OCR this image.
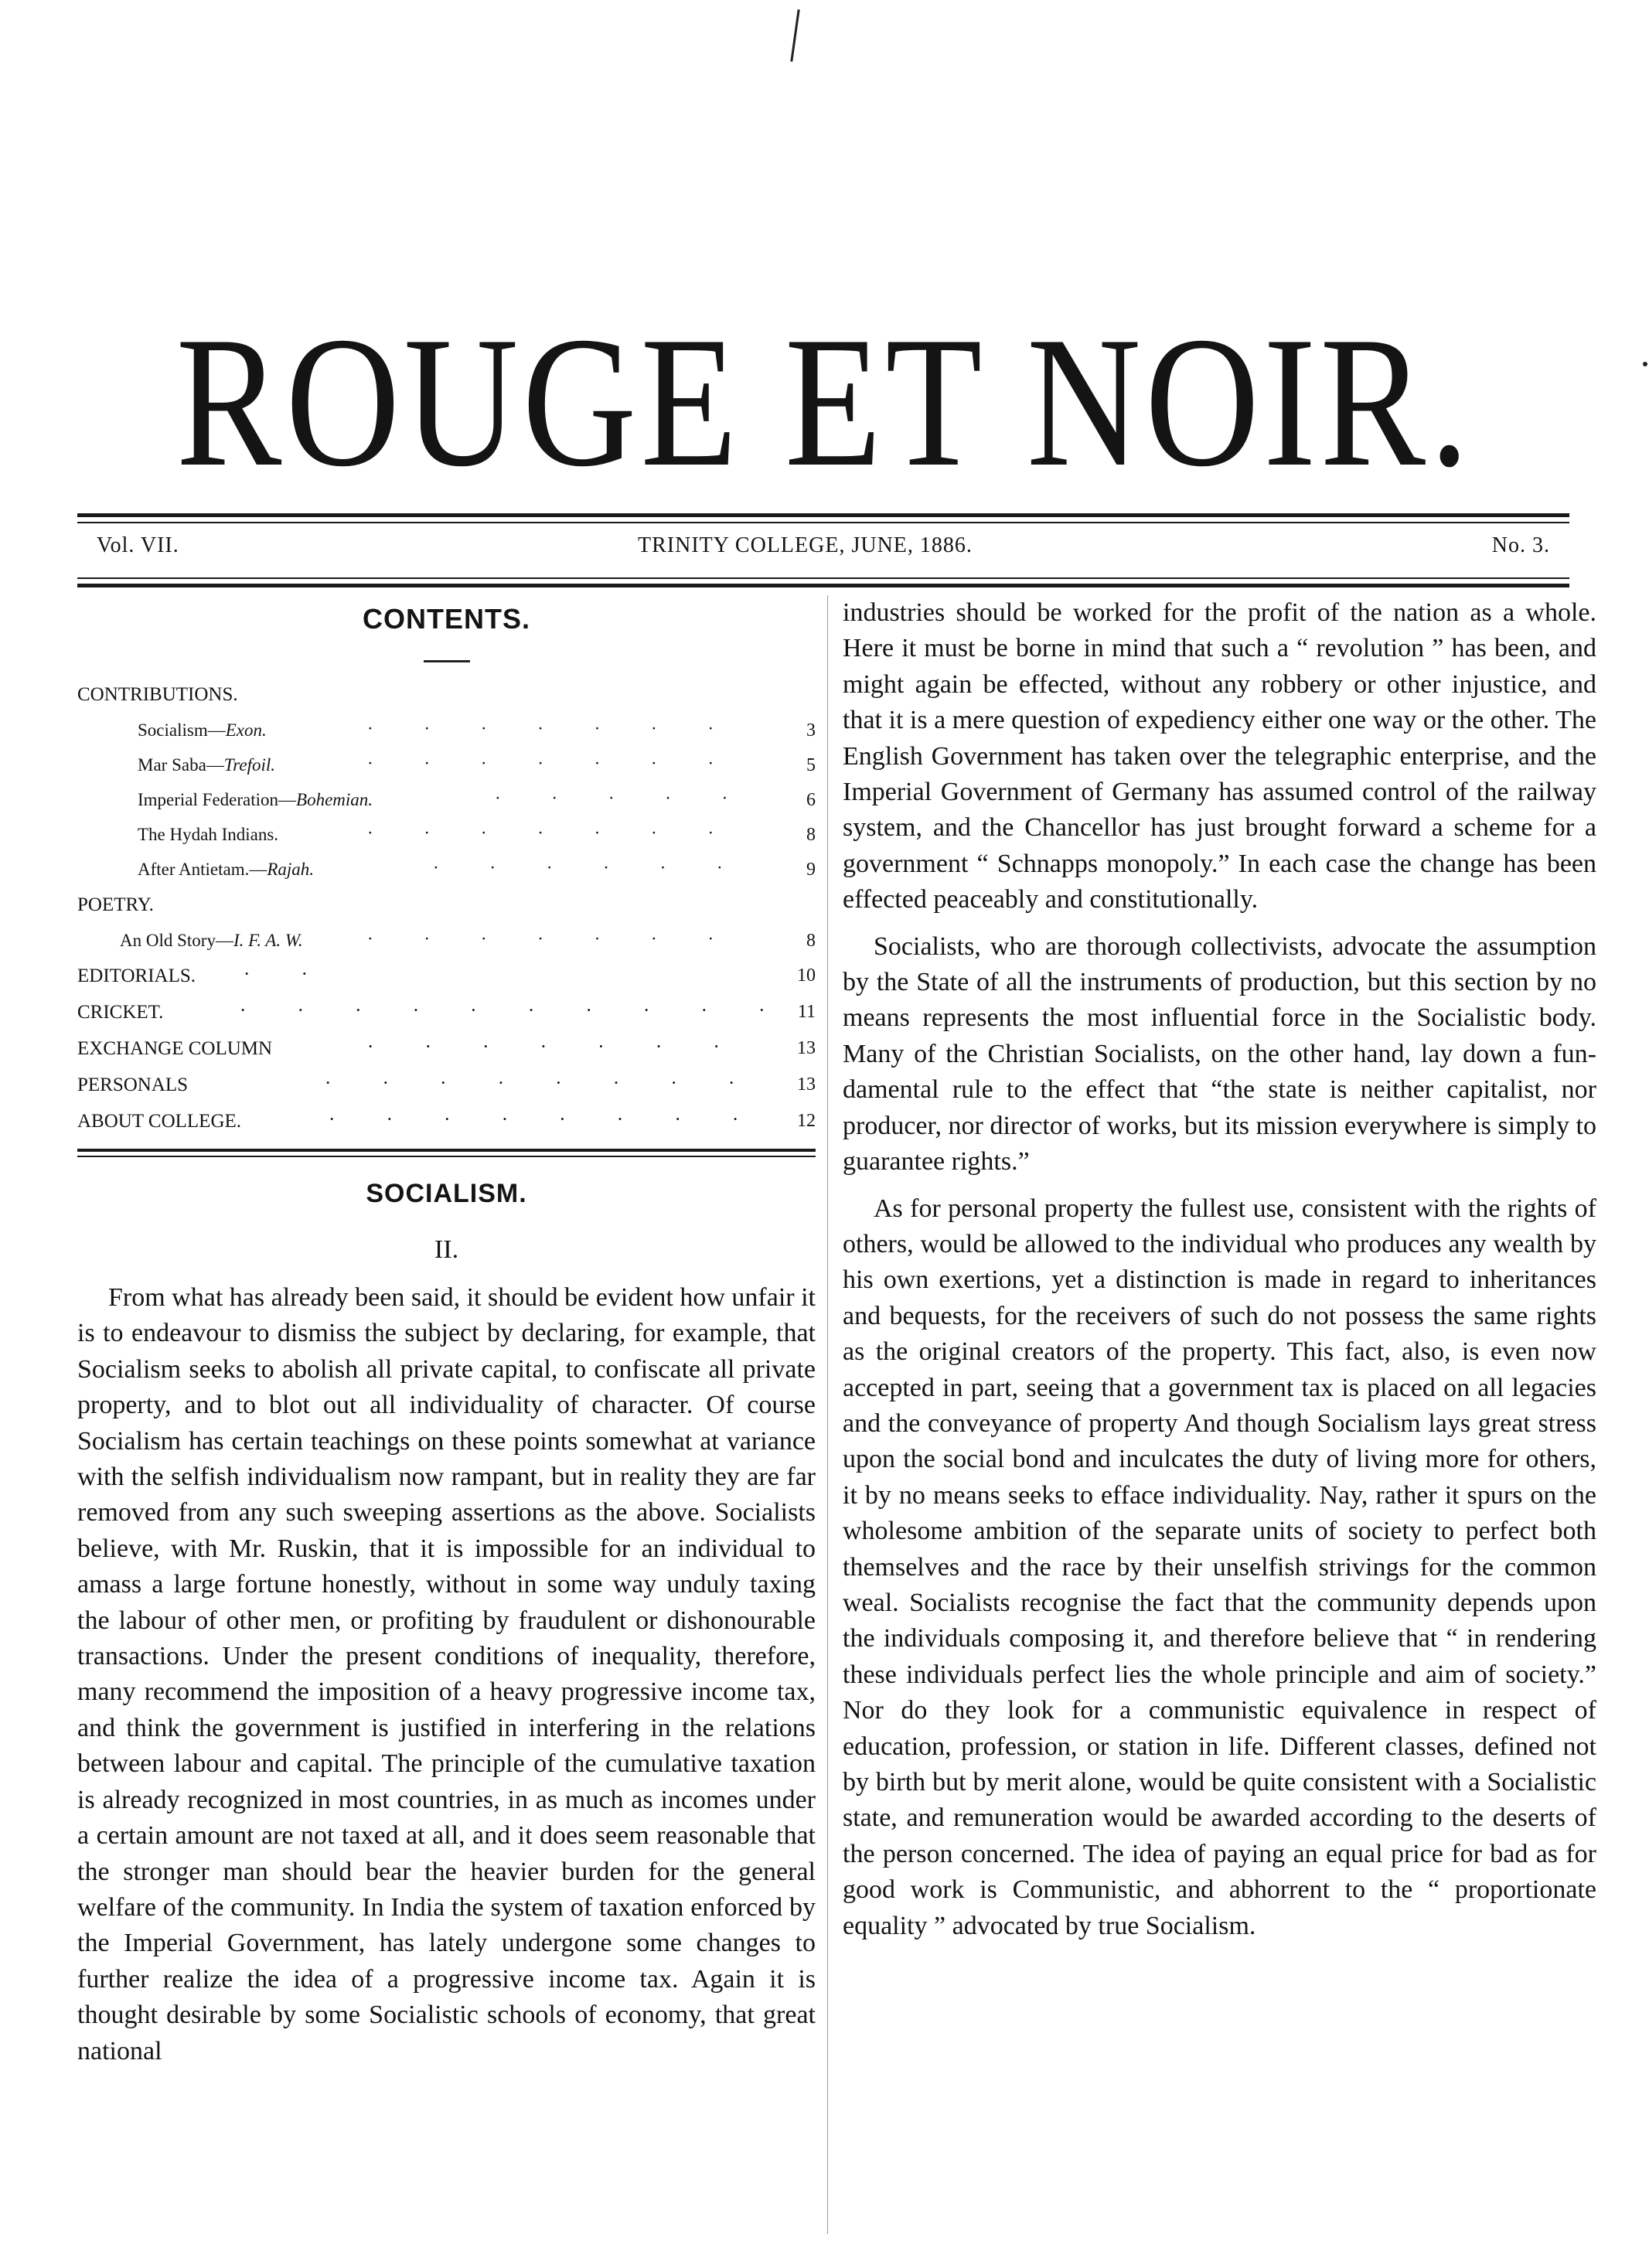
ROUGE ET NOIR.
Vol. VII.	TRINITY COLLEGE, JUNE, 1886.	No. 3.
CONTENTS.
CONTRIBUTIONS.
Socialism—Exon.	· · · · · · ·	3
Mar Saba—Trefoil.	· · · · · · ·	5
Imperial Federation—Bohemian.	· · · · ·	6
The Hydah Indians.	· · · · · · ·	8
After Antietam.—Rajah.	· · · · · ·	9
POETRY.
An Old Story—I. F. A. W.	· · · · · · ·	8
EDITORIALS. · ·	10
CRICKET.	· · · · · · · · · · 11
EXCHANGE COLUMN	· · · · · · ·	13
PERSONALS	· · · · · · · · 13
ABOUT COLLEGE.	· · · · · · · · 12
SOCIALISM.
II.

From what has already been said, it should be evident how unfair it is to endeavour to dismiss the subject by declaring, for example, that Socialism seeks to abolish all private capital, to confiscate all private property, and to blot out all individuality of character. Of course Socialism has certain teachings on these points somewhat at variance with the selfish individualism now rampant, but in reality they are far removed from any such sweeping assertions as the above. Socialists believe, with Mr. Ruskin, that it is impossible for an individual to amass a large fortune honestly, without in some way unduly taxing the labour of other men, or profiting by fraudulent or dishonourable transactions. Under the present conditions of inequality, therefore, many recommend the imposition of a heavy progressive income tax, and think the government is justified in interfering in the relations between labour and capital. The principle of the cumulative taxation is already recognized in most countries, in as much as incomes under a certain amount are not taxed at all, and it does seem reasonable that the stronger man should bear the heavier burden for the general welfare of the community. In India the system of taxation enforced by the Imperial Government, has lately undergone some changes to further realize the idea of a progressive income tax. Again it is thought desirable by some Socialistic schools of economy, that great national

industries should be worked for the profit of the nation as a whole. Here it must be borne in mind that such a “ revolution ” has been, and might again be effected, without any robbery or other injustice, and that it is a mere question of expediency either one way or the other. The English Government has taken over the telegraphic enterprise, and the Imperial Government of Germany has assumed control of the railway system, and the Chancellor has just brought forward a scheme for a government “ Schnapps monopoly.” In each case the change has been effected peaceably and constitutionally.

Socialists, who are thorough collectivists, advocate the assumption by the State of all the instruments of production, but this section by no means represents the most influential force in the Socialistic body. Many of the Christian Socialists, on the other hand, lay down a fundamental rule to the effect that “the state is neither capitalist, nor producer, nor director of works, but its mission everywhere is simply to guarantee rights.”

As for personal property the fullest use, consistent with the rights of others, would be allowed to the individual who produces any wealth by his own exertions, yet a distinction is made in regard to inheritances and bequests, for the receivers of such do not possess the same rights as the original creators of the property. This fact, also, is even now accepted in part, seeing that a government tax is placed on all legacies and the conveyance of property And though Socialism lays great stress upon the social bond and inculcates the duty of living more for others, it by no means seeks to efface individuality. Nay, rather it spurs on the wholesome ambition of the separate units of society to perfect both themselves and the race by their unselfish strivings for the common weal. Socialists recognise the fact that the community depends upon the individuals composing it, and therefore believe that “ in rendering these individuals perfect lies the whole principle and aim of society.” Nor do they look for a communistic equivalence in respect of education, profession, or station in life. Different classes, defined not by birth but by merit alone, would be quite consistent with a Socialistic state, and remuneration would be awarded according to the deserts of the person concerned. The idea of paying an equal price for bad as for good work is Communistic, and abhorrent to the “ proportionate equality ” advocated by true Socialism.
